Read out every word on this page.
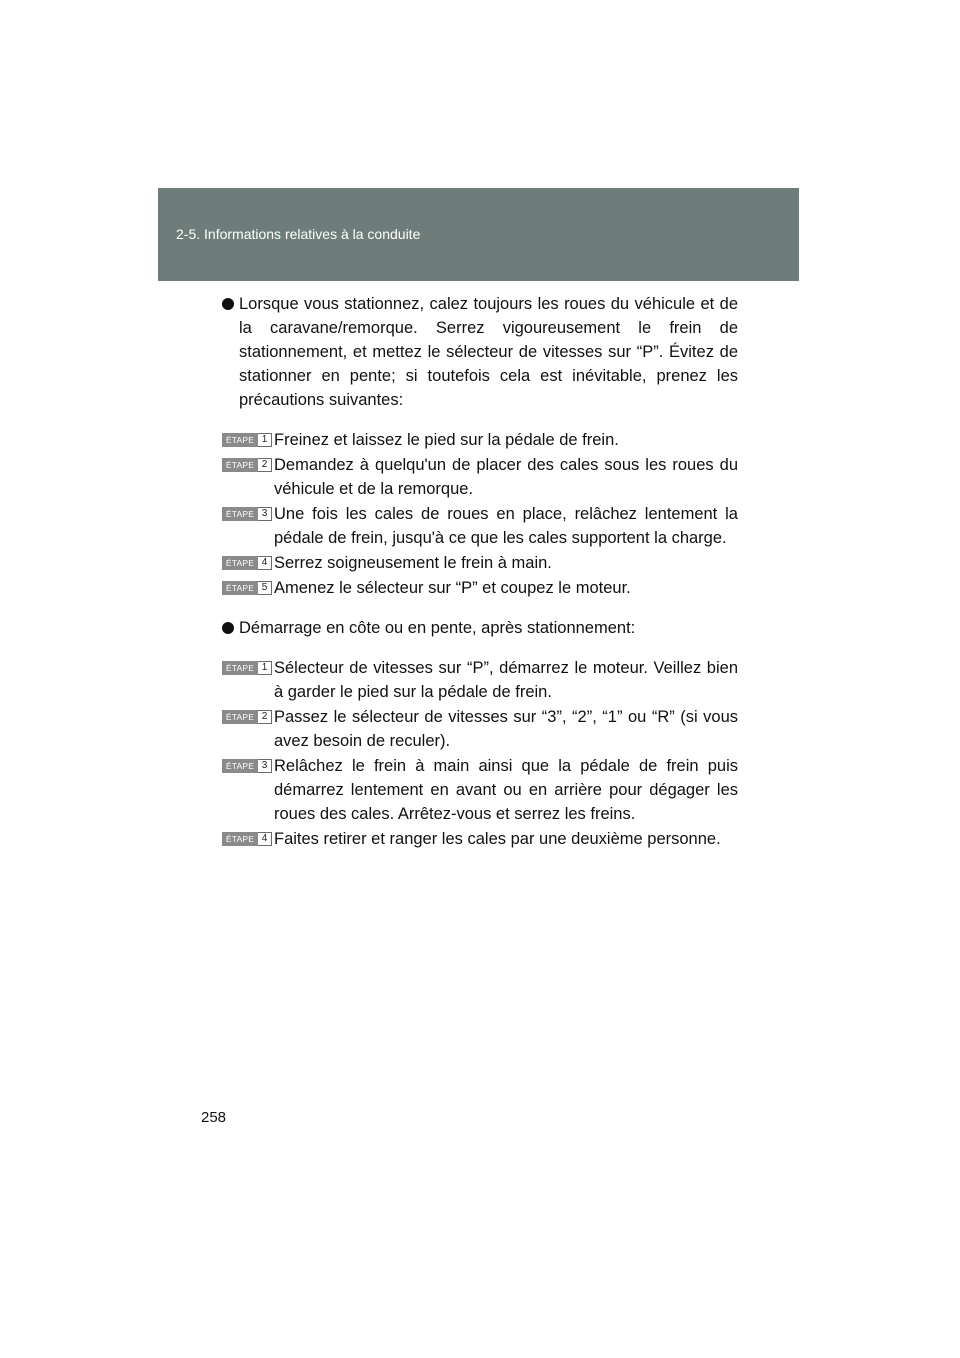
2-5. Informations relatives à la conduite
Lorsque vous stationnez, calez toujours les roues du véhicule et de la caravane/remorque. Serrez vigoureusement le frein de stationnement, et mettez le sélecteur de vitesses sur “P”. Évitez de stationner en pente; si toutefois cela est inévitable, prenez les précautions suivantes:
ÉTAPE 1 Freinez et laissez le pied sur la pédale de frein.
ÉTAPE 2 Demandez à quelqu'un de placer des cales sous les roues du véhicule et de la remorque.
ÉTAPE 3 Une fois les cales de roues en place, relâchez lentement la pédale de frein, jusqu'à ce que les cales supportent la charge.
ÉTAPE 4 Serrez soigneusement le frein à main.
ÉTAPE 5 Amenez le sélecteur sur “P” et coupez le moteur.
Démarrage en côte ou en pente, après stationnement:
ÉTAPE 1 Sélecteur de vitesses sur “P”, démarrez le moteur. Veillez bien à garder le pied sur la pédale de frein.
ÉTAPE 2 Passez le sélecteur de vitesses sur “3”, “2”, “1” ou “R” (si vous avez besoin de reculer).
ÉTAPE 3 Relâchez le frein à main ainsi que la pédale de frein puis démarrez lentement en avant ou en arrière pour dégager les roues des cales. Arrêtez-vous et serrez les freins.
ÉTAPE 4 Faites retirer et ranger les cales par une deuxième personne.
258
